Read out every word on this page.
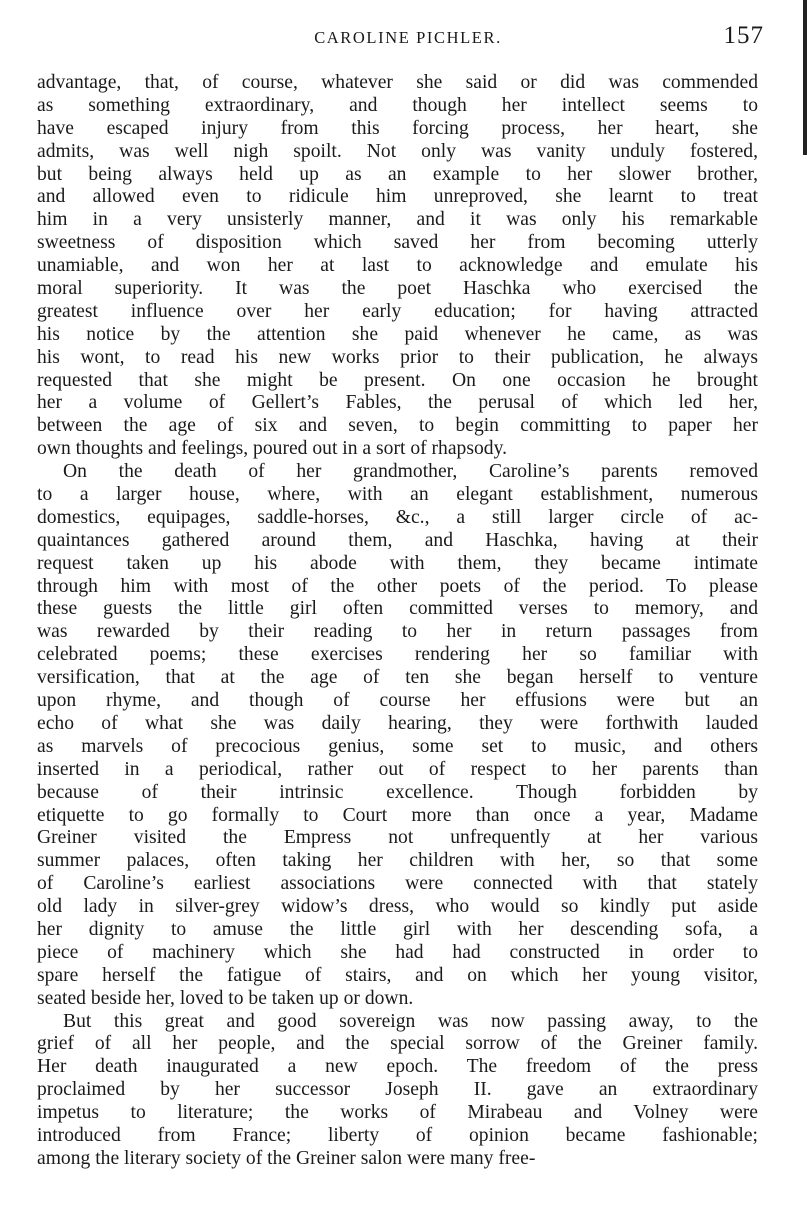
CAROLINE PICHLER.	157
advantage, that, of course, whatever she said or did was commended
as something extraordinary, and though her intellect seems to
have escaped injury from this forcing process, her heart, she
admits, was well nigh spoilt. Not only was vanity unduly fostered,
but being always held up as an example to her slower brother,
and allowed even to ridicule him unreproved, she learnt to treat
him in a very unsisterly manner, and it was only his remarkable
sweetness of disposition which saved her from becoming utterly
unamiable, and won her at last to acknowledge and emulate his
moral superiority. It was the poet Haschka who exercised the
greatest influence over her early education; for having attracted
his notice by the attention she paid whenever he came, as was
his wont, to read his new works prior to their publication, he always
requested that she might be present. On one occasion he brought
her a volume of Gellert’s Fables, the perusal of which led her,
between the age of six and seven, to begin committing to paper her
own thoughts and feelings, poured out in a sort of rhapsody.
On the death of her grandmother, Caroline’s parents removed
to a larger house, where, with an elegant establishment, numerous
domestics, equipages, saddle-horses, &c., a still larger circle of ac-
quaintances gathered around them, and Haschka, having at their
request taken up his abode with them, they became intimate
through him with most of the other poets of the period. To please
these guests the little girl often committed verses to memory, and
was rewarded by their reading to her in return passages from
celebrated poems; these exercises rendering her so familiar with
versification, that at the age of ten she began herself to venture
upon rhyme, and though of course her effusions were but an
echo of what she was daily hearing, they were forthwith lauded
as marvels of precocious genius, some set to music, and others
inserted in a periodical, rather out of respect to her parents than
because of their intrinsic excellence. Though forbidden by
etiquette to go formally to Court more than once a year, Madame
Greiner visited the Empress not unfrequently at her various
summer palaces, often taking her children with her, so that some
of Caroline’s earliest associations were connected with that stately
old lady in silver-grey widow’s dress, who would so kindly put aside
her dignity to amuse the little girl with her descending sofa, a
piece of machinery which she had had constructed in order to
spare herself the fatigue of stairs, and on which her young visitor,
seated beside her, loved to be taken up or down.
But this great and good sovereign was now passing away, to the
grief of all her people, and the special sorrow of the Greiner family.
Her death inaugurated a new epoch. The freedom of the press
proclaimed by her successor Joseph II. gave an extraordinary
impetus to literature; the works of Mirabeau and Volney were
introduced from France; liberty of opinion became fashionable;
among the literary society of the Greiner salon were many free-
